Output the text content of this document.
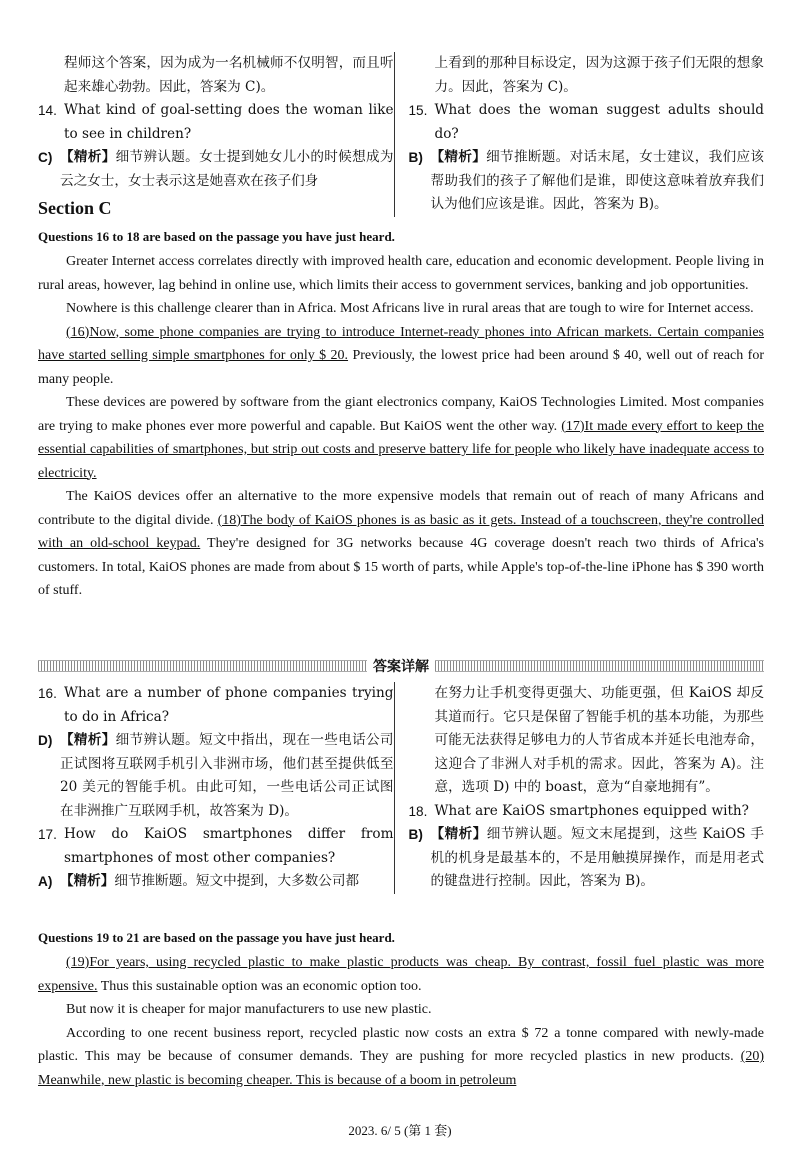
程师这个答案，因为成为一名机械师不仅明智，而且听起来雄心勃勃。因此，答案为 C)。
14. What kind of goal-setting does the woman like to see in children?
C) 【精析】细节辨认题。女士提到她女儿小的时候想成为云之女士，女士表示这是她喜欢在孩子们身
上看到的那种目标设定，因为这源于孩子们无限的想象力。因此，答案为 C)。
15. What does the woman suggest adults should do?
B) 【精析】细节推断题。对话末尾，女士建议，我们应该帮助我们的孩子了解他们是谁，即使这意味着放弃我们认为他们应该是谁。因此，答案为 B)。
Section C

Questions 16 to 18 are based on the passage you have just heard.

Greater Internet access correlates directly with improved health care, education and economic development. People living in rural areas, however, lag behind in online use, which limits their access to government services, banking and job opportunities.

Nowhere is this challenge clearer than in Africa. Most Africans live in rural areas that are tough to wire for Internet access.

(16)Now, some phone companies are trying to introduce Internet-ready phones into African markets. Certain companies have started selling simple smartphones for only $ 20. Previously, the lowest price had been around $ 40, well out of reach for many people.

These devices are powered by software from the giant electronics company, KaiOS Technologies Limited. Most companies are trying to make phones ever more powerful and capable. But KaiOS went the other way. (17)It made every effort to keep the essential capabilities of smartphones, but strip out costs and preserve battery life for people who likely have inadequate access to electricity.

The KaiOS devices offer an alternative to the more expensive models that remain out of reach of many Africans and contribute to the digital divide. (18)The body of KaiOS phones is as basic as it gets. Instead of a touchscreen, they're controlled with an old-school keypad. They're designed for 3G networks because 4G coverage doesn't reach two thirds of Africa's customers. In total, KaiOS phones are made from about $ 15 worth of parts, while Apple's top-of-the-line iPhone has $ 390 worth of stuff.

答案详解
16. What are a number of phone companies trying to do in Africa?
D) 【精析】细节辨认题。短文中指出，现在一些电话公司正试图将互联网手机引入非洲市场，他们甚至提供低至 20 美元的智能手机。由此可知，一些电话公司正试图在非洲推广互联网手机，故答案为 D)。
17. How do KaiOS smartphones differ from smartphones of most other companies?
A) 【精析】细节推断题。短文中提到，大多数公司都
在努力让手机变得更强大、功能更强，但 KaiOS 却反其道而行。它只是保留了智能手机的基本功能，为那些可能无法获得足够电力的人节省成本并延长电池寿命，这迎合了非洲人对手机的需求。因此，答案为 A)。注意，选项 D) 中的 boast，意为“自豪地拥有”。
18. What are KaiOS smartphones equipped with?
B) 【精析】细节辨认题。短文末尾提到，这些 KaiOS 手机的机身是最基本的，不是用触摸屏操作，而是用老式的键盘进行控制。因此，答案为 B)。

Questions 19 to 21 are based on the passage you have just heard.

(19)For years, using recycled plastic to make plastic products was cheap. By contrast, fossil fuel plastic was more expensive. Thus this sustainable option was an economic option too.

But now it is cheaper for major manufacturers to use new plastic.

According to one recent business report, recycled plastic now costs an extra $ 72 a tonne compared with newly-made plastic. This may be because of consumer demands. They are pushing for more recycled plastics in new products. (20) Meanwhile, new plastic is becoming cheaper. This is because of a boom in petroleum

2023. 6/ 5 (第 1 套)
